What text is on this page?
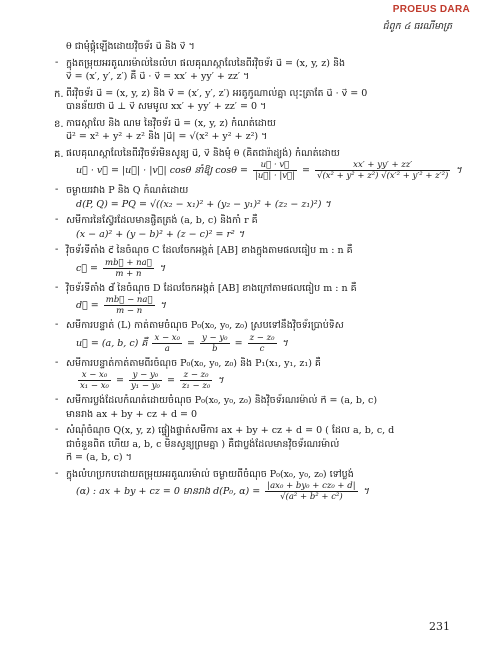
PROEUS DARA
ជំពូក ៤ ធរណីមាត្រ
θ ជាមុំផ្គុំឡើងដោយវ៉ិចទ័រ u⃗ និង v⃗ ។
- ក្នុងតម្រុយអរតូណរម៉ាល់នៃលំហ ផលគុណស្កាលែនៃពីរវ៉ិចទ័រ u⃗ = (x, y, z) និង
v⃗ = (x′, y′, z′) គឺ u⃗ · v⃗ = xx′ + yy′ + zz′ ។
ក. ពីរវ៉ិចទ័រ u⃗ = (x, y, z) និង v⃗ = (x′, y′, z′) អរតូកូណាល់គ្នា លុះត្រាតែ u⃗ · v⃗ = 0
បានន័យថា u⃗ ⊥ v⃗ សមមូល xx′ + yy′ + zz′ = 0 ។
ខ. ការេស្កាលែ និង ណម នៃវ៉ិចទ័រ u⃗ = (x, y, z) កំណត់ដោយ
u⃗² = x² + y² + z² និង |u⃗| = √(x² + y² + z²) ។
គ. ផលគុណស្កាលែនៃពីរវ៉ិចទ័រមិនសូន្យ u⃗, v⃗ និងមុំ θ (គិតជារ៉ាដ្យង់) កំណត់ដោយ
u⃗ · v⃗ = |u⃗| · |v⃗| cosθ នាំឱ្យ $\cos\theta = \frac{u⃗ \cdot v⃗}{|u⃗| \cdot |v⃗|} = \frac{xx' + yy' + zz'}{\text{√(x² + y² + z²) √(x′² + y′² + z′²)}}$ ។
- ចម្ងាយរវាង P និង Q កំណត់ដោយ
d(P, Q) = PQ = √((x₂ − x₁)² + (y₂ − y₁)² + (z₂ − z₁)²) ។
- សមីការនៃស្វ៊ែរដែលមានផ្ចិតត្រង់ (a, b, c) និងកាំ r គឺ
(x − a)² + (y − b)² + (z − c)² = r² ។
- វ៉ិចទ័រទីតាំង c⃗ នៃចំណុច C ដែលចែកអង្កត់ [AB] ខាងក្នុងតាមផលធៀប m : n គឺ
c⃗ = $\frac{mb⃗ + na⃗}{m + n}$ ។
- វ៉ិចទ័រទីតាំង d⃗ នៃចំណុច D ដែលចែកអង្កត់ [AB] ខាងក្រៅតាមផលធៀប m : n គឺ
d⃗ = $\frac{mb⃗ - na⃗}{m - n}$ ។
- សមីការបន្ទាត់ (L) កាត់តាមចំណុច P₀(x₀, y₀, z₀) ស្របទៅនឹងវ៉ិចទ័រប្រាប់ទិស
u⃗ = (a, b, c) គឺ $\frac{\text{x − x₀}}{a} = \frac{\text{y − y₀}}{b} = \frac{\text{z − z₀}}{c}$ ។
- សមីការបន្ទាត់កាត់តាមពីរចំណុច P₀(x₀, y₀, z₀) និង P₁(x₁, y₁, z₁) គឺ
$\frac{\text{x − x₀}}{\text{x₁ − x₀}} = \frac{\text{y − y₀}}{\text{y₁ − y₀}} = \frac{\text{z − z₀}}{\text{z₁ − z₀}}$ ។
- សមីការប្លង់ដែលកំណត់ដោយចំណុច P₀(x₀, y₀, z₀) និងវ៉ិចទ័រណរម៉ាល់ n⃗ = (a, b, c)
មានរាង ax + by + cz + d = 0
- សំណុំចំណុច Q(x, y, z) ផ្ទៀងផ្ទាត់សមីការ ax + by + cz + d = 0 ( ដែល a, b, c, d
ជាចំនួនពិត ហើយ a, b, c មិនសូន្យព្រមគ្នា ) គឺជាប្លង់ដែលមានវ៉ិចទ័រណរម៉ាល់
n⃗ = (a, b, c) ។
- ក្នុងលំហប្រកបដោយតម្រុយអរតូណរម៉ាល់ ចម្ងាយពីចំណុច P₀(x₀, y₀, z₀) ទៅប្លង់
(α) : ax + by + cz = 0 មានរាង d(P₀, $\alpha) = \frac{\text{|ax₀ + by₀ + cz₀ + d|}}{\text{√(a² + b² + c²)}}$ ។
231
